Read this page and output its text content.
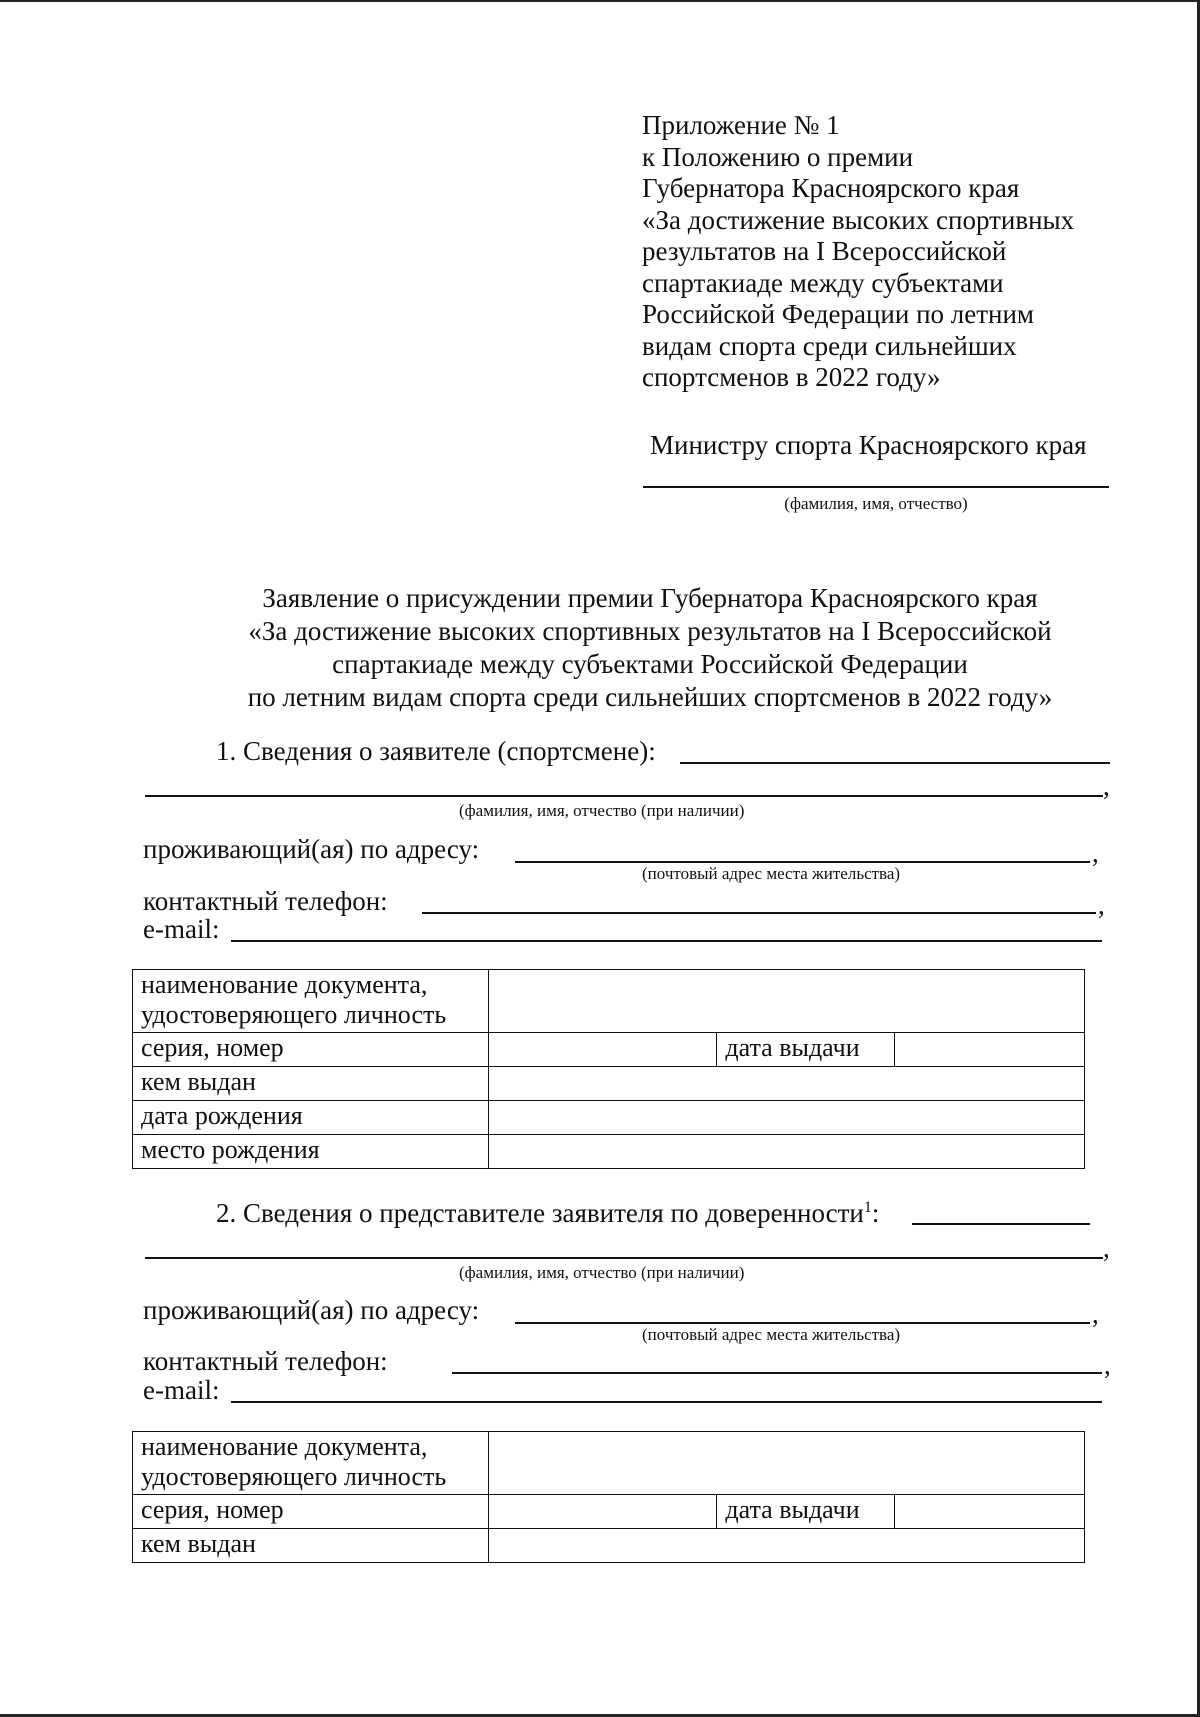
Приложение № 1
к Положению о премии
Губернатора Красноярского края
«За достижение высоких спортивных
результатов на I Всероссийской
спартакиаде между субъектами
Российской Федерации по летним
видам спорта среди сильнейших
спортсменов в 2022 году»
Министру спорта Красноярского края
(фамилия, имя, отчество)
Заявление о присуждении премии Губернатора Красноярского края
«За достижение высоких спортивных результатов на I Всероссийской
спартакиаде между субъектами Российской Федерации
по летним видам спорта среди сильнейших спортсменов в 2022 году»
1. Сведения о заявителе (спортсмене):
,
(фамилия, имя, отчество (при наличии)
проживающий(ая) по адресу:	,
(почтовый адрес места жительства)
контактный телефон:	,
e-mail:
наименование документа, удостоверяющего личность			
серия, номер		дата выдачи	
кем выдан			
дата рождения			
место рождения			
2. Сведения о представителе заявителя по доверенности$^1$:
,
(фамилия, имя, отчество (при наличии)
проживающий(ая) по адресу:	,
(почтовый адрес места жительства)
контактный телефон:	,
e-mail:
наименование документа, удостоверяющего личность			
серия, номер		дата выдачи	
кем выдан			
